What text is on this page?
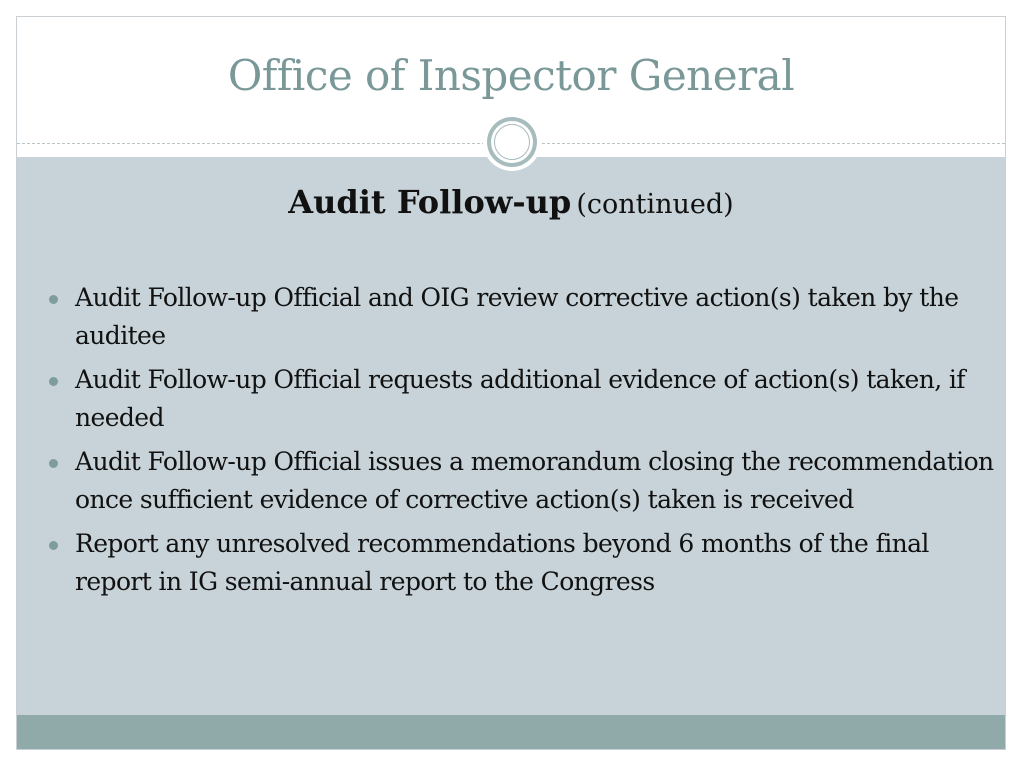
Office of Inspector General

Audit Follow-up (continued)

Audit Follow-up Official and OIG review corrective action(s) taken by the auditee
Audit Follow-up Official requests additional evidence of action(s) taken, if needed
Audit Follow-up Official issues a memorandum closing the recommendation once sufficient evidence of corrective action(s) taken is received
Report any unresolved recommendations beyond 6 months of the final report in IG semi-annual report to the Congress
